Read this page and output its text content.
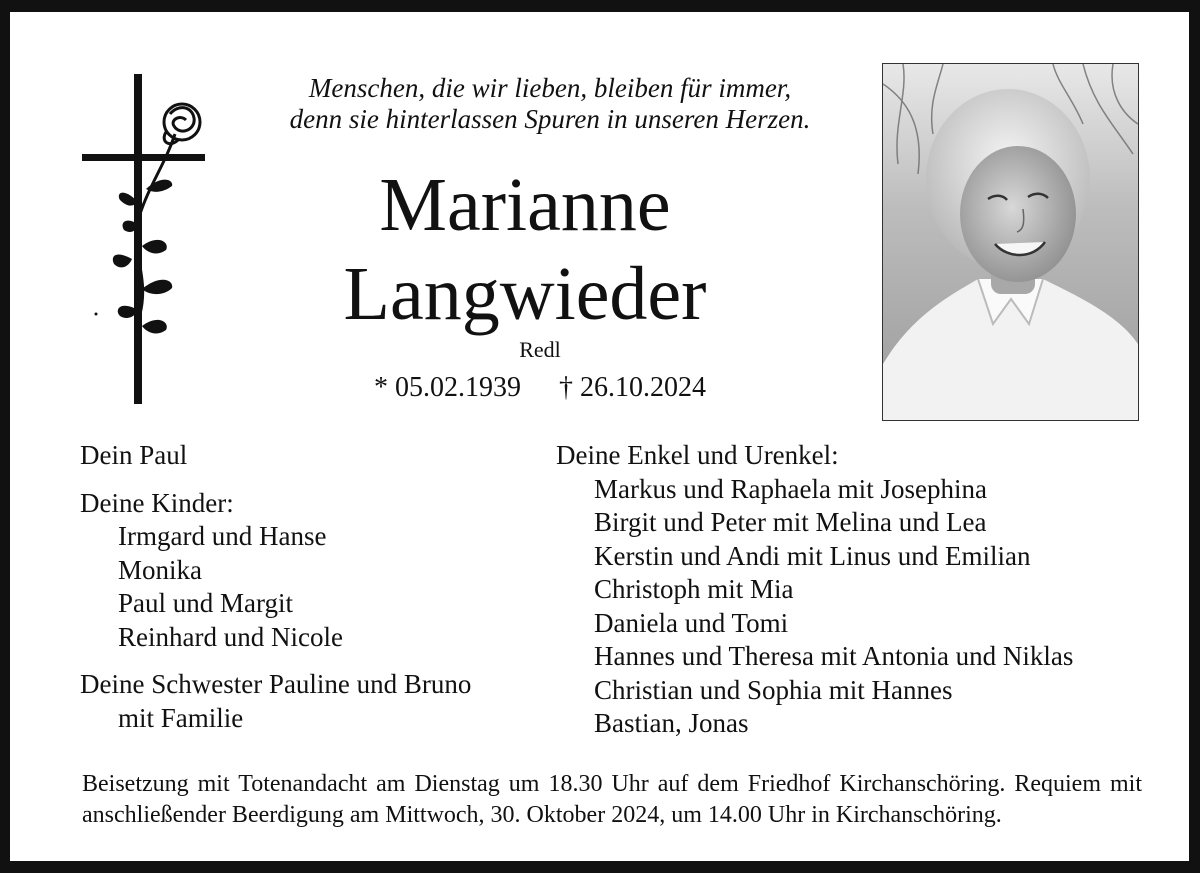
Menschen, die wir lieben, bleiben für immer,
denn sie hinterlassen Spuren in unseren Herzen.
Marianne
Langwieder
Redl
* 05.02.1939 † 26.10.2024

Dein Paul

Deine Kinder:

Irmgard und Hanse

Monika

Paul und Margit

Reinhard und Nicole

Deine Schwester Pauline und Bruno

mit Familie

Deine Enkel und Urenkel:

Markus und Raphaela mit Josephina

Birgit und Peter mit Melina und Lea

Kerstin und Andi mit Linus und Emilian

Christoph mit Mia

Daniela und Tomi

Hannes und Theresa mit Antonia und Niklas

Christian und Sophia mit Hannes

Bastian, Jonas

Beisetzung mit Totenandacht am Dienstag um 18.30 Uhr auf dem Friedhof Kirchanschöring. Requiem mit anschließender Beerdigung am Mittwoch, 30. Oktober 2024, um 14.00 Uhr in Kirchanschöring.
